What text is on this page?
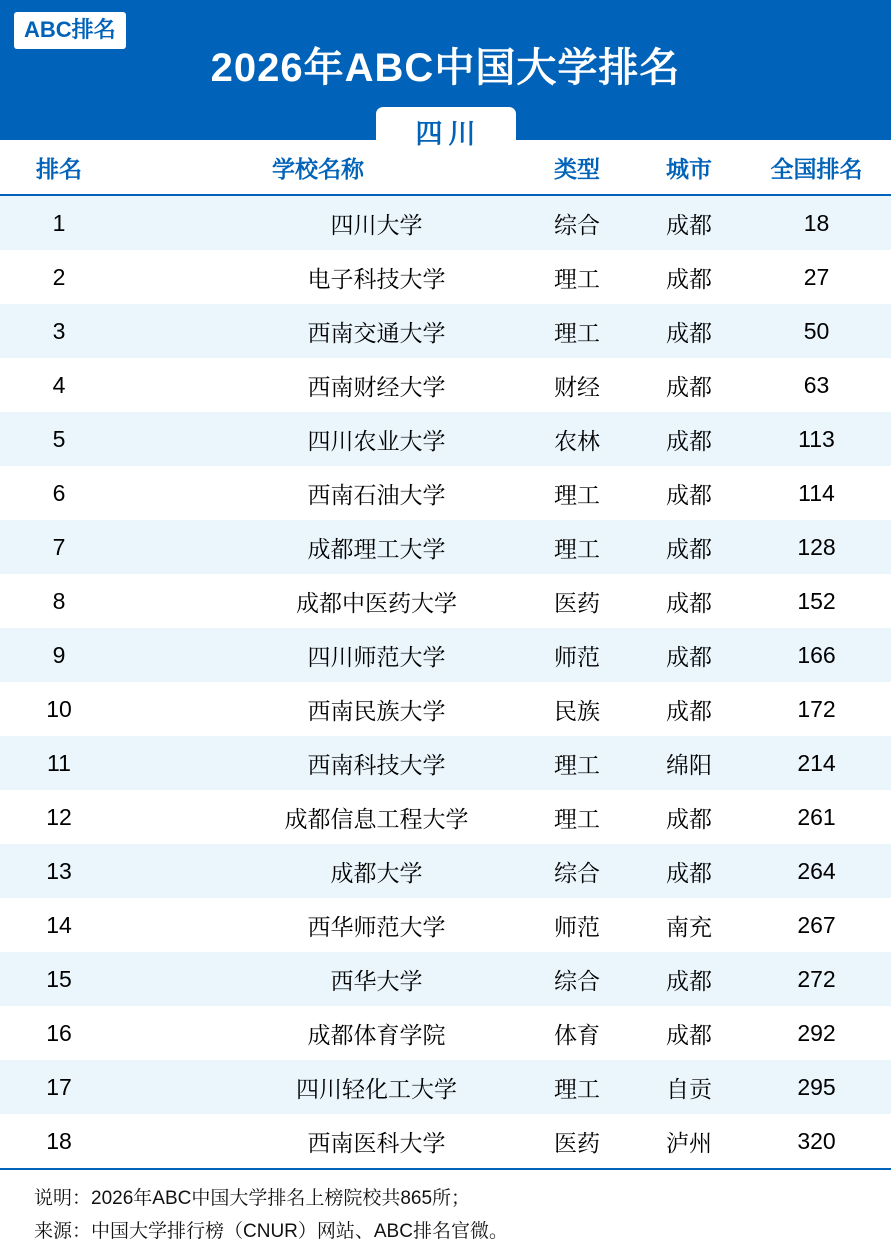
ABC排名
2026年ABC中国大学排名
四川
排名	学校名称	类型	城市	全国排名
1	四川大学	综合	成都	18
2	电子科技大学	理工	成都	27
3	西南交通大学	理工	成都	50
4	西南财经大学	财经	成都	63
5	四川农业大学	农林	成都	113
6	西南石油大学	理工	成都	114
7	成都理工大学	理工	成都	128
8	成都中医药大学	医药	成都	152
9	四川师范大学	师范	成都	166
10	西南民族大学	民族	成都	172
11	西南科技大学	理工	绵阳	214
12	成都信息工程大学	理工	成都	261
13	成都大学	综合	成都	264
14	西华师范大学	师范	南充	267
15	西华大学	综合	成都	272
16	成都体育学院	体育	成都	292
17	四川轻化工大学	理工	自贡	295
18	西南医科大学	医药	泸州	320
说明：2026年ABC中国大学排名上榜院校共865所；
来源：中国大学排行榜（CNUR）网站、ABC排名官微。
